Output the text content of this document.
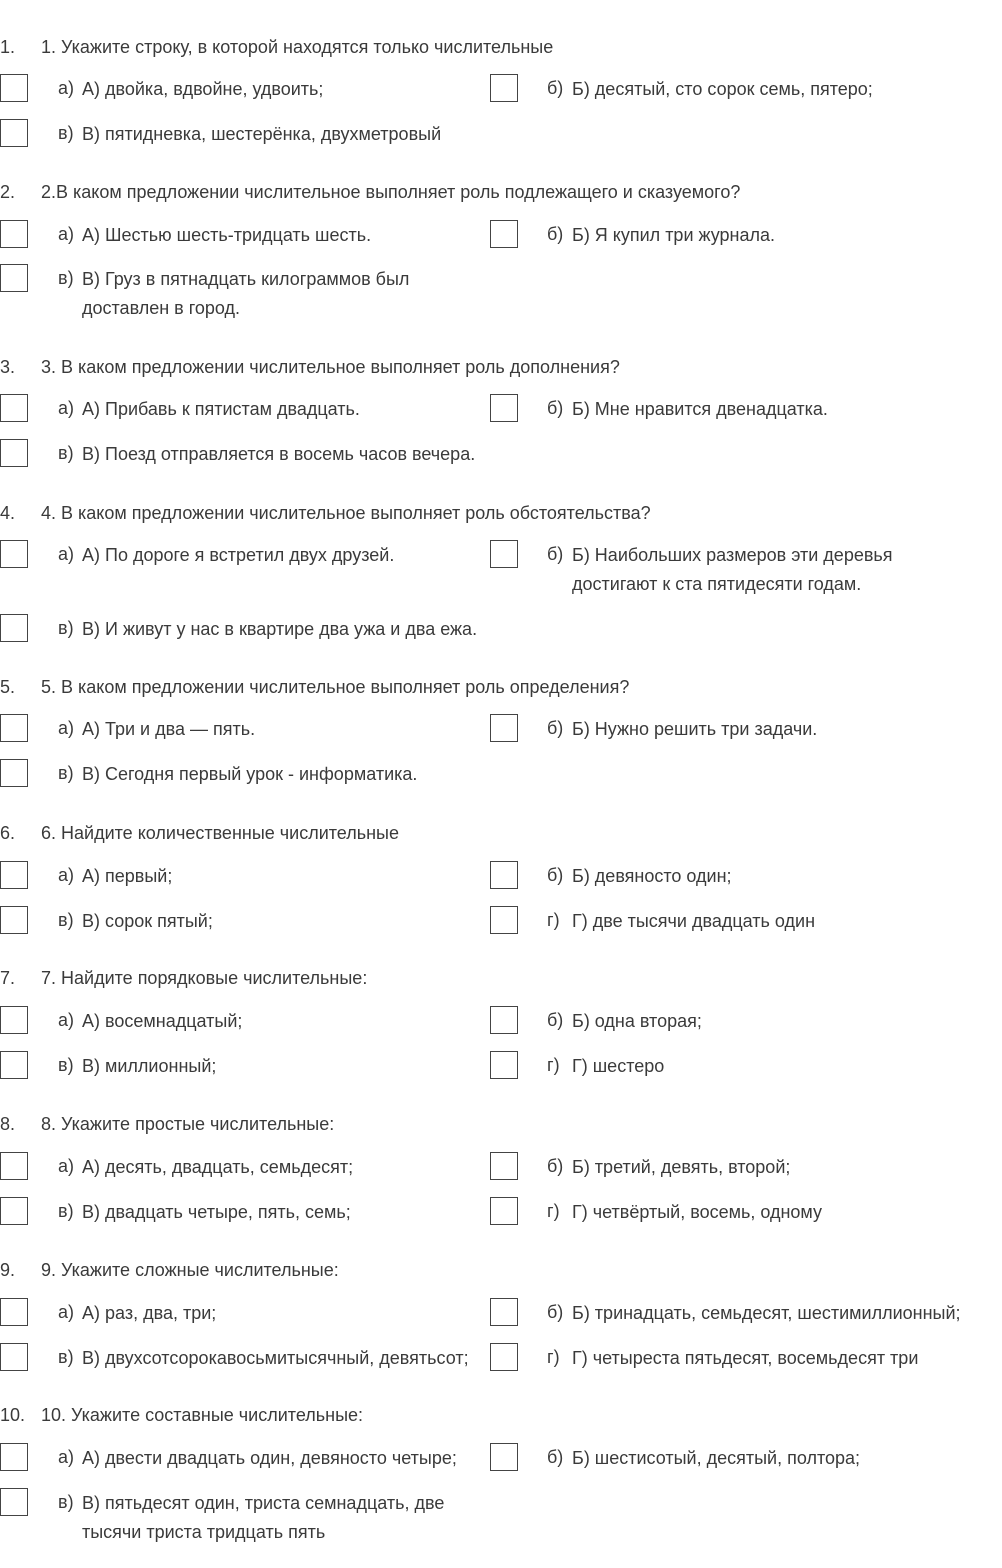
1. 1. Укажите строку, в которой находятся только числительные
а) А) двойка, вдвойне, удвоить;	б) Б) десятый, сто сорок семь, пятеро;
в) В) пятидневка, шестерёнка, двухметровый
2. 2.В каком предложении числительное выполняет роль подлежащего и сказуемого?
а) А) Шестью шесть-тридцать шесть.	б) Б) Я купил три журнала.
в) В) Груз в пятнадцать килограммов был
доставлен в город.
3. 3. В каком предложении числительное выполняет роль дополнения?
а) А) Прибавь к пятистам двадцать.	б) Б) Мне нравится двенадцатка.
в) В) Поезд отправляется в восемь часов вечера.
4. 4. В каком предложении числительное выполняет роль обстоятельства?
а) А) По дороге я встретил двух друзей.	б) Б) Наибольших размеров эти деревья
достигают к ста пятидесяти годам.
в) В) И живут у нас в квартире два ужа и два ежа.
5. 5. В каком предложении числительное выполняет роль определения?
а) А) Три и два — пять.	б) Б) Нужно решить три задачи.
в) В) Сегодня первый урок - информатика.
6. 6. Найдите количественные числительные
а) А) первый;	б) Б) девяносто один;
в) В) сорок пятый;	г) Г) две тысячи двадцать один
7. 7. Найдите порядковые числительные:
а) А) восемнадцатый;	б) Б) одна вторая;
в) В) миллионный;	г) Г) шестеро
8. 8. Укажите простые числительные:
а) А) десять, двадцать, семьдесят;	б) Б) третий, девять, второй;
в) В) двадцать четыре, пять, семь;	г) Г) четвёртый, восемь, одному
9. 9. Укажите сложные числительные:
а) А) раз, два, три;	б) Б) тринадцать, семьдесят, шестимиллионный;
в) В) двухсотсорокавосьмитысячный, девятьсот;	г) Г) четыреста пятьдесят, восемьдесят три
10. 10. Укажите составные числительные:
а) А) двести двадцать один, девяносто четыре;	б) Б) шестисотый, десятый, полтора;
в) В) пятьдесят один, триста семнадцать, две
тысячи триста тридцать пять
